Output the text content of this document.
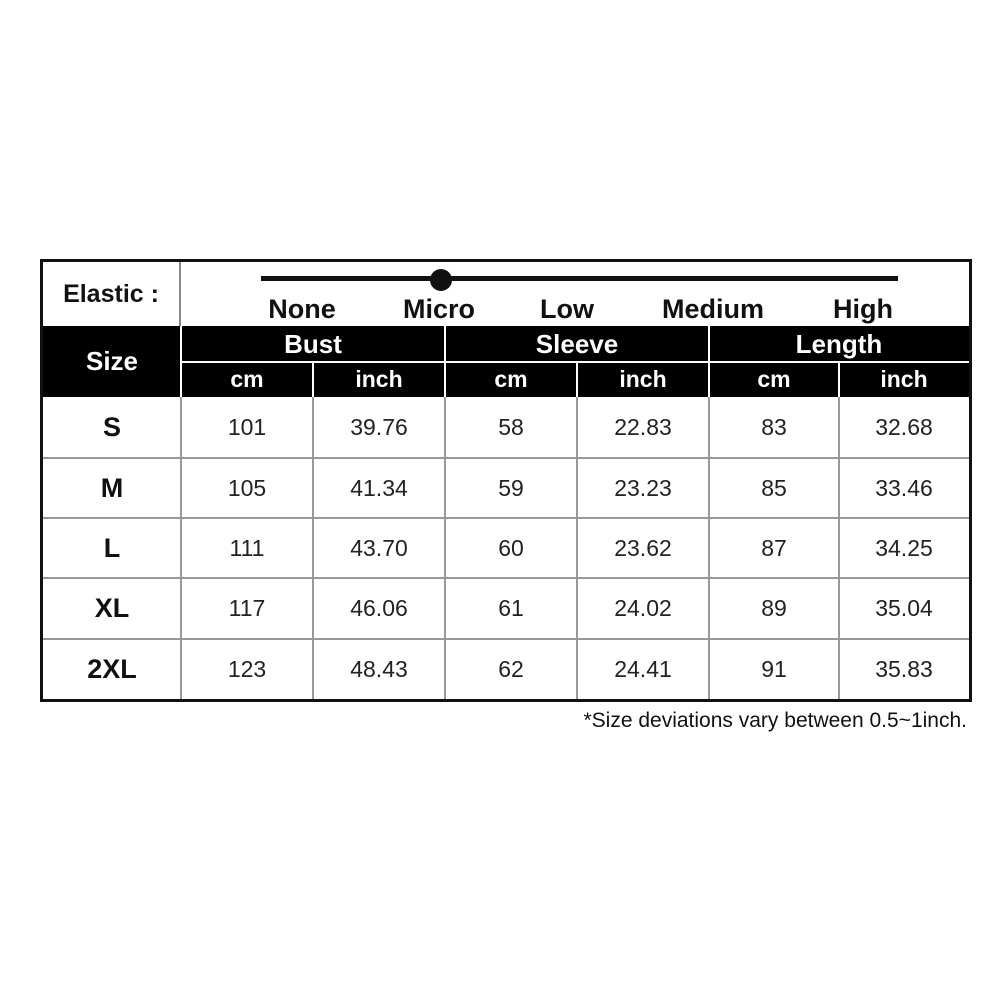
Elastic :	None Micro Low	Medium	High
Size
Bust	Sleeve	Length
cm	inch	cm	inch	cm	inch
S	101	39.76	58	22.83	83	32.68
M	105	41.34	59	23.23	85	33.46
L	111	43.70	60	23.62	87	34.25
XL	117	46.06	61	24.02	89	35.04
2XL	123	48.43	62	24.41	91	35.83
*Size deviations vary between 0.5~1inch.
